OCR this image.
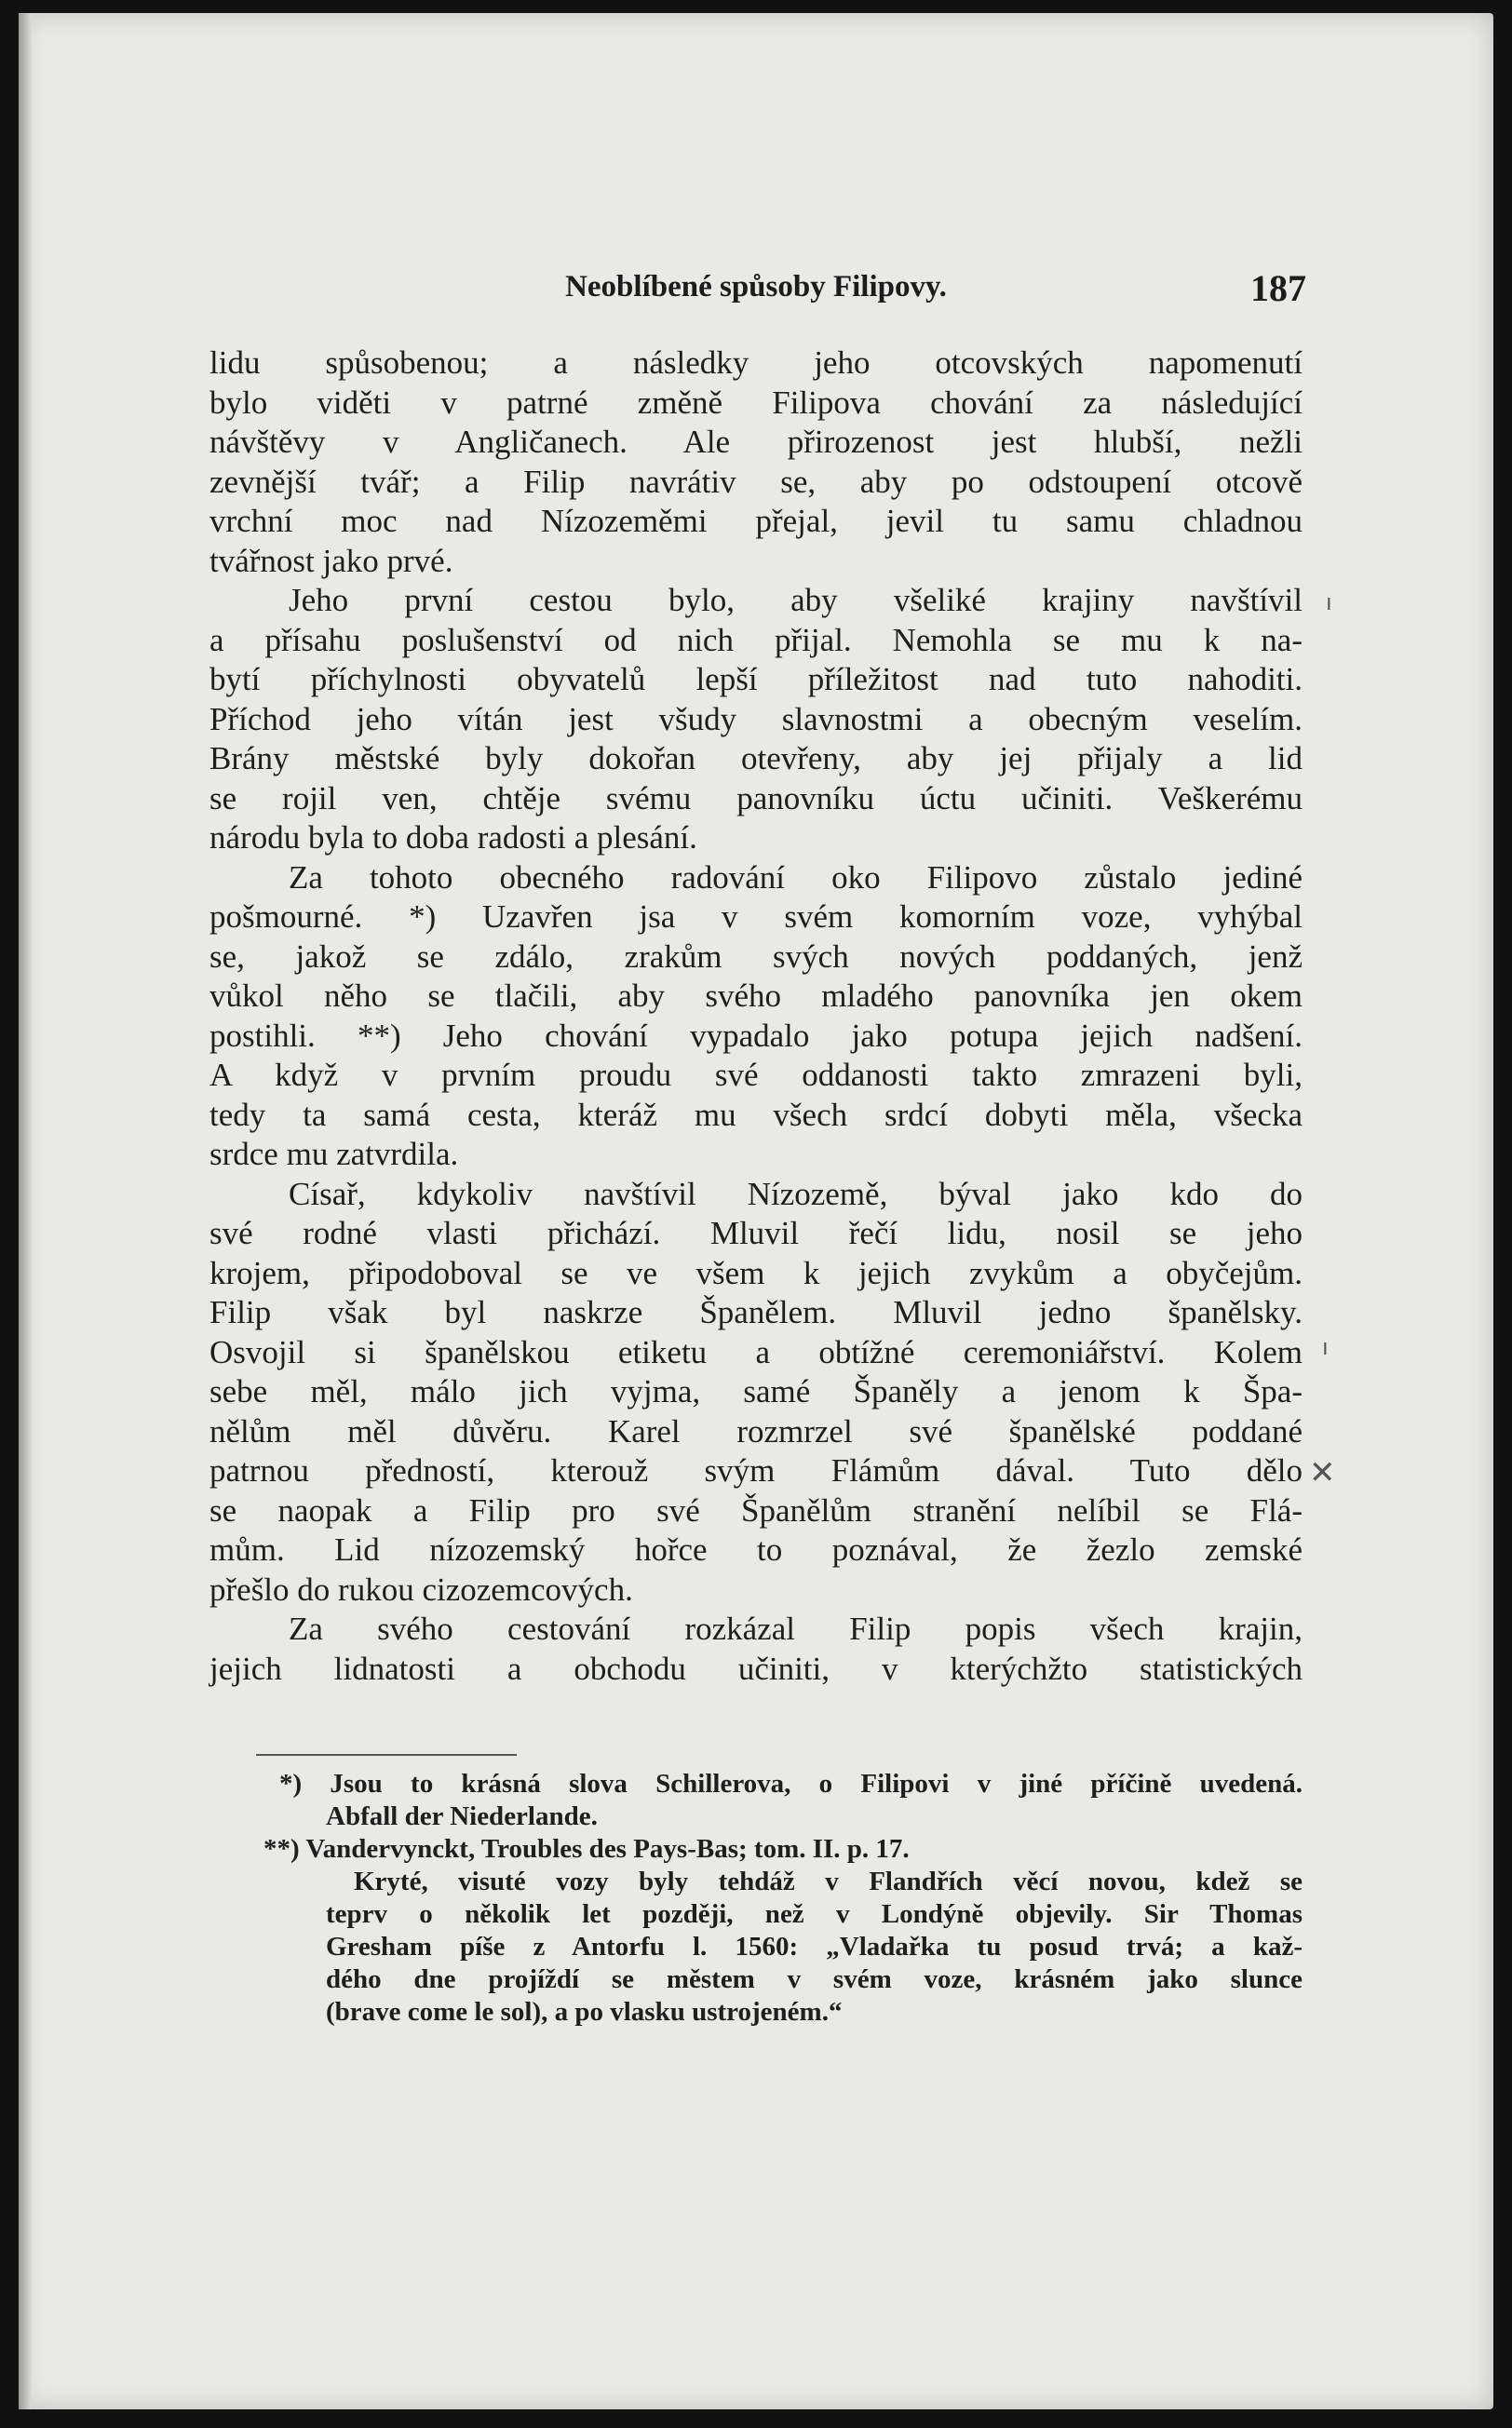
Neoblíbené spůsoby Filipovy.	187
lidu spůsobenou; a následky jeho otcovských napomenutí
bylo viděti v patrné změně Filipova chování za následující
návštěvy v Angličanech. Ale přirozenost jest hlubší, nežli
zevnější tvář; a Filip navrátiv se, aby po odstoupení otcově
vrchní moc nad Nízozeměmi přejal, jevil tu samu chladnou
tvářnost jako prvé.
Jeho první cestou bylo, aby všeliké krajiny navštívil
a přísahu poslušenství od nich přijal. Nemohla se mu k na-
bytí příchylnosti obyvatelů lepší příležitost nad tuto nahoditi.
Příchod jeho vítán jest všudy slavnostmi a obecným veselím.
Brány městské byly dokořan otevřeny, aby jej přijaly a lid
se rojil ven, chtěje svému panovníku úctu učiniti. Veškerému
národu byla to doba radosti a plesání.
Za tohoto obecného radování oko Filipovo zůstalo jediné
pošmourné. *) Uzavřen jsa v svém komorním voze, vyhýbal
se, jakož se zdálo, zrakům svých nových poddaných, jenž
vůkol něho se tlačili, aby svého mladého panovníka jen okem
postihli. **) Jeho chování vypadalo jako potupa jejich nadšení.
A když v prvním proudu své oddanosti takto zmrazeni byli,
tedy ta samá cesta, kteráž mu všech srdcí dobyti měla, všecka
srdce mu zatvrdila.
Císař, kdykoliv navštívil Nízozemě, býval jako kdo do
své rodné vlasti přichází. Mluvil řečí lidu, nosil se jeho
krojem, připodoboval se ve všem k jejich zvykům a obyčejům.
Filip však byl naskrze Španělem. Mluvil jedno španělsky.
Osvojil si španělskou etiketu a obtížné ceremoniářství. Kolem
sebe měl, málo jich vyjma, samé Španěly a jenom k Špa-
nělům měl důvěru. Karel rozmrzel své španělské poddané
patrnou předností, kterouž svým Flámům dával. Tuto dělo
se naopak a Filip pro své Španělům stranění nelíbil se Flá-
mům. Lid nízozemský hořce to poznával, že žezlo zemské
přešlo do rukou cizozemcových.
Za svého cestování rozkázal Filip popis všech krajin,
jejich lidnatosti a obchodu učiniti, v kterýchžto statistických
*) Jsou to krásná slova Schillerova, o Filipovi v jiné příčině uvedená.
Abfall der Niederlande.
**) Vandervynckt, Troubles des Pays-Bas; tom. II. p. 17.
Kryté, visuté vozy byly tehdáž v Flandřích věcí novou, kdež se
teprv o několik let později, než v Londýně objevily. Sir Thomas
Gresham píše z Antorfu l. 1560: „Vladařka tu posud trvá; a kaž-
dého dne projíždí se městem v svém voze, krásném jako slunce
(brave come le sol), a po vlasku ustrojeném.“
✕
ı
ı
